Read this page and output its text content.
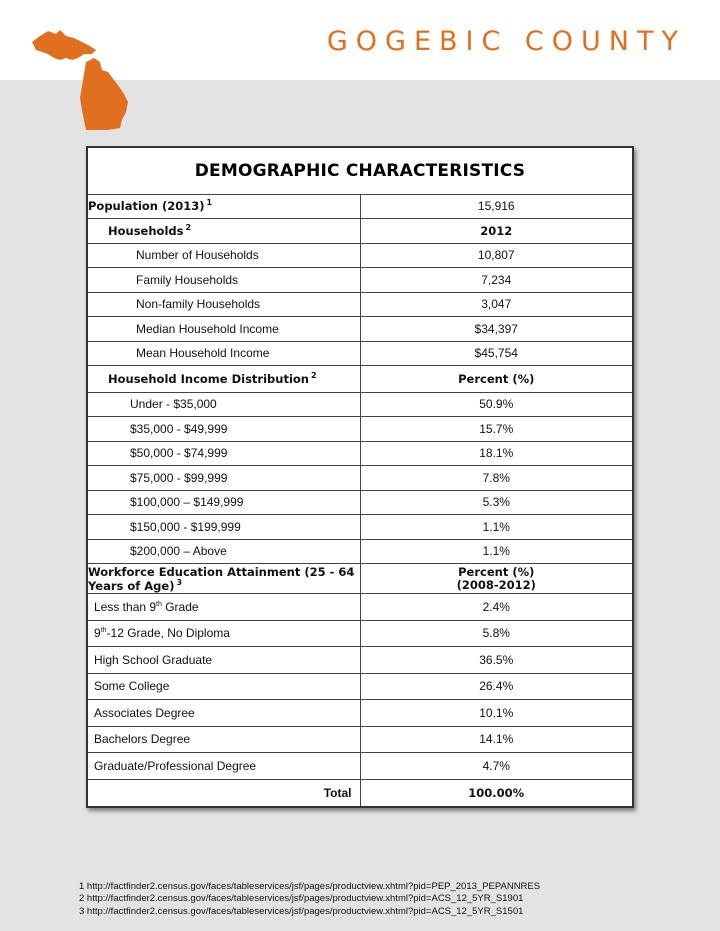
GOGEBIC COUNTY
DEMOGRAPHIC CHARACTERISTICS	
Population (2013) $^1$	15,916
Households $^2$	2012
Number of Households	10,807
Family Households	7,234
Non-family Households	3,047
Median Household Income	$34,397
Mean Household Income	$45,754
Household Income Distribution $^2$	Percent (%)
Under - $35,000	50.9%
$35,000 - $49,999	15.7%
$50,000 - $74,999	18.1%
$75,000 - $99,999	7.8%
$100,000 – $149,999	5.3%
$150,000 - $199,999	1.1%
$200,000 – Above	1.1%
Workforce Education Attainment (25 - 64 Years of Age) $^3$	Percent (%)
(2008-2012)

Less than 9th Grade	2.4%
9th-12 Grade, No Diploma	5.8%
High School Graduate	36.5%
Some College	26.4%
Associates Degree	10.1%
Bachelors Degree	14.1%
Graduate/Professional Degree	4.7%
Total	100.00%
1 http://factfinder2.census.gov/faces/tableservices/jsf/pages/productview.xhtml?pid=PEP_2013_PEPANNRES
2 http://factfinder2.census.gov/faces/tableservices/jsf/pages/productview.xhtml?pid=ACS_12_5YR_S1901
3 http://factfinder2.census.gov/faces/tableservices/jsf/pages/productview.xhtml?pid=ACS_12_5YR_S1501
